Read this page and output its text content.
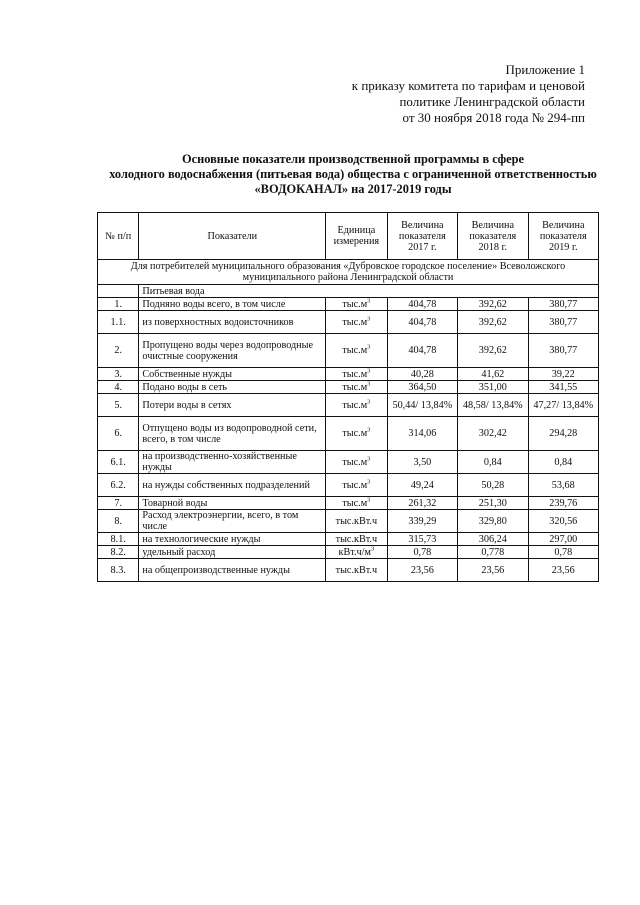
Приложение 1
к приказу комитета по тарифам и ценовой
политике Ленинградской области
от 30 ноября 2018 года № 294-пп
Основные показатели производственной программы в сфере
холодного водоснабжения (питьевая вода) общества с ограниченной ответственностью
«ВОДОКАНАЛ» на 2017-2019 годы
№ п/п	Показатели	Единица измерения	Величина показателя 2017 г.	Величина показателя 2018 г.	Величина показателя 2019 г.
Для потребителей муниципального образования «Дубровское городское поселение» Всеволожского муниципального района Ленинградской области					
	Питьевая вода				
1.	Подняно воды всего, в том числе	$тыс.м^3$	404,78	392,62	380,77
1.1.	из поверхностных водоисточников	$тыс.м^3$	404,78	392,62	380,77
2.	Пропущено воды через водопроводные очистные сооружения	$тыс.м^3$	404,78	392,62	380,77
3.	Собственные нужды	$тыс.м^3$	40,28	41,62	39,22
4.	Подано воды в сеть	$тыс.м^3$	364,50	351,00	341,55
5.	Потери воды в сетях	$тыс.м^3$	50,44/ 13,84%	48,58/ 13,84%	47,27/ 13,84%
6.	Отпущено воды из водопроводной сети, всего, в том числе	$тыс.м^3$	314,06	302,42	294,28
6.1.	на производственно-хозяйственные нужды	$тыс.м^3$	3,50	0,84	0,84
6.2.	на нужды собственных подразделений	$тыс.м^3$	49,24	50,28	53,68
7.	Товарной воды	$тыс.м^3$	261,32	251,30	239,76
8.	Расход электроэнергии, всего, в том числе	тыс.кВт.ч	339,29	329,80	320,56
8.1.	на технологические нужды	тыс.кВт.ч	315,73	306,24	297,00
8.2.	удельный расход	$кВт.ч/м^3$	0,78	0,778	0,78
8.3.	на общепроизводственные нужды	тыс.кВт.ч	23,56	23,56	23,56
